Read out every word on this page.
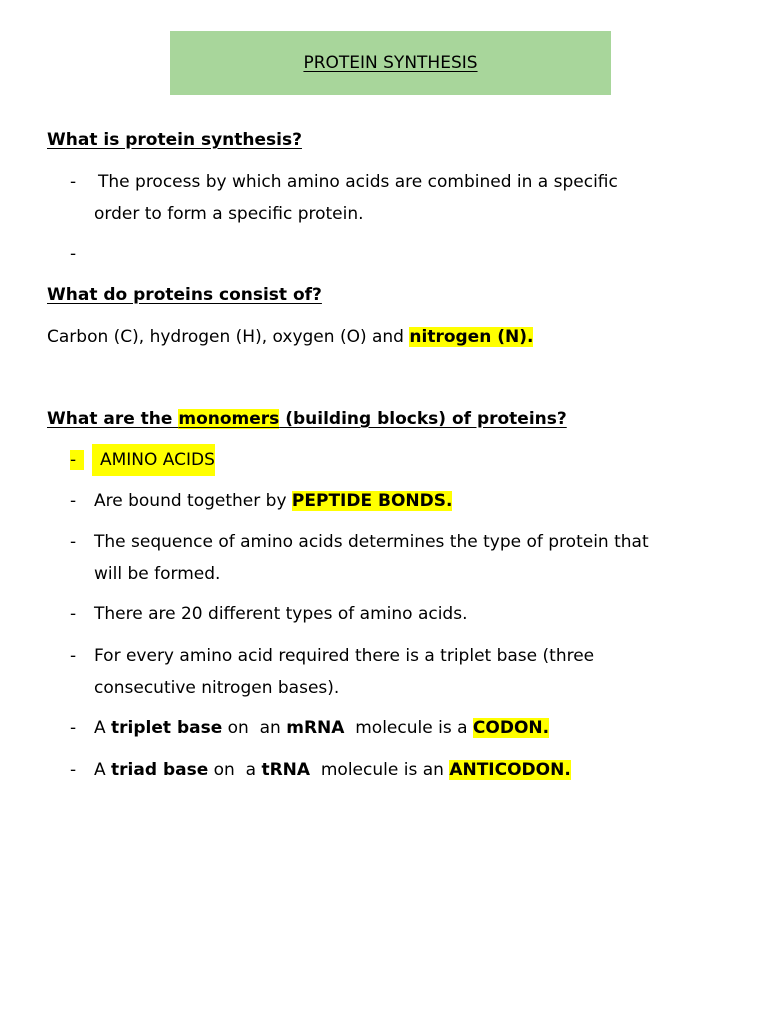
PROTEIN SYNTHESIS
What is protein synthesis?
- The process by which amino acids are combined in a specific
order to form a specific protein.
-
What do proteins consist of?
Carbon (C), hydrogen (H), oxygen (O) and nitrogen (N).
What are the monomers (building blocks) of proteins?
-	AMINO ACIDS
- Are bound together by PEPTIDE BONDS.
- The sequence of amino acids determines the type of protein that
will be formed.
- There are 20 different types of amino acids.
- For every amino acid required there is a triplet base (three
consecutive nitrogen bases).
- A triplet base on  an mRNA  molecule is a CODON.
- A triad base on  a tRNA  molecule is an ANTICODON.
